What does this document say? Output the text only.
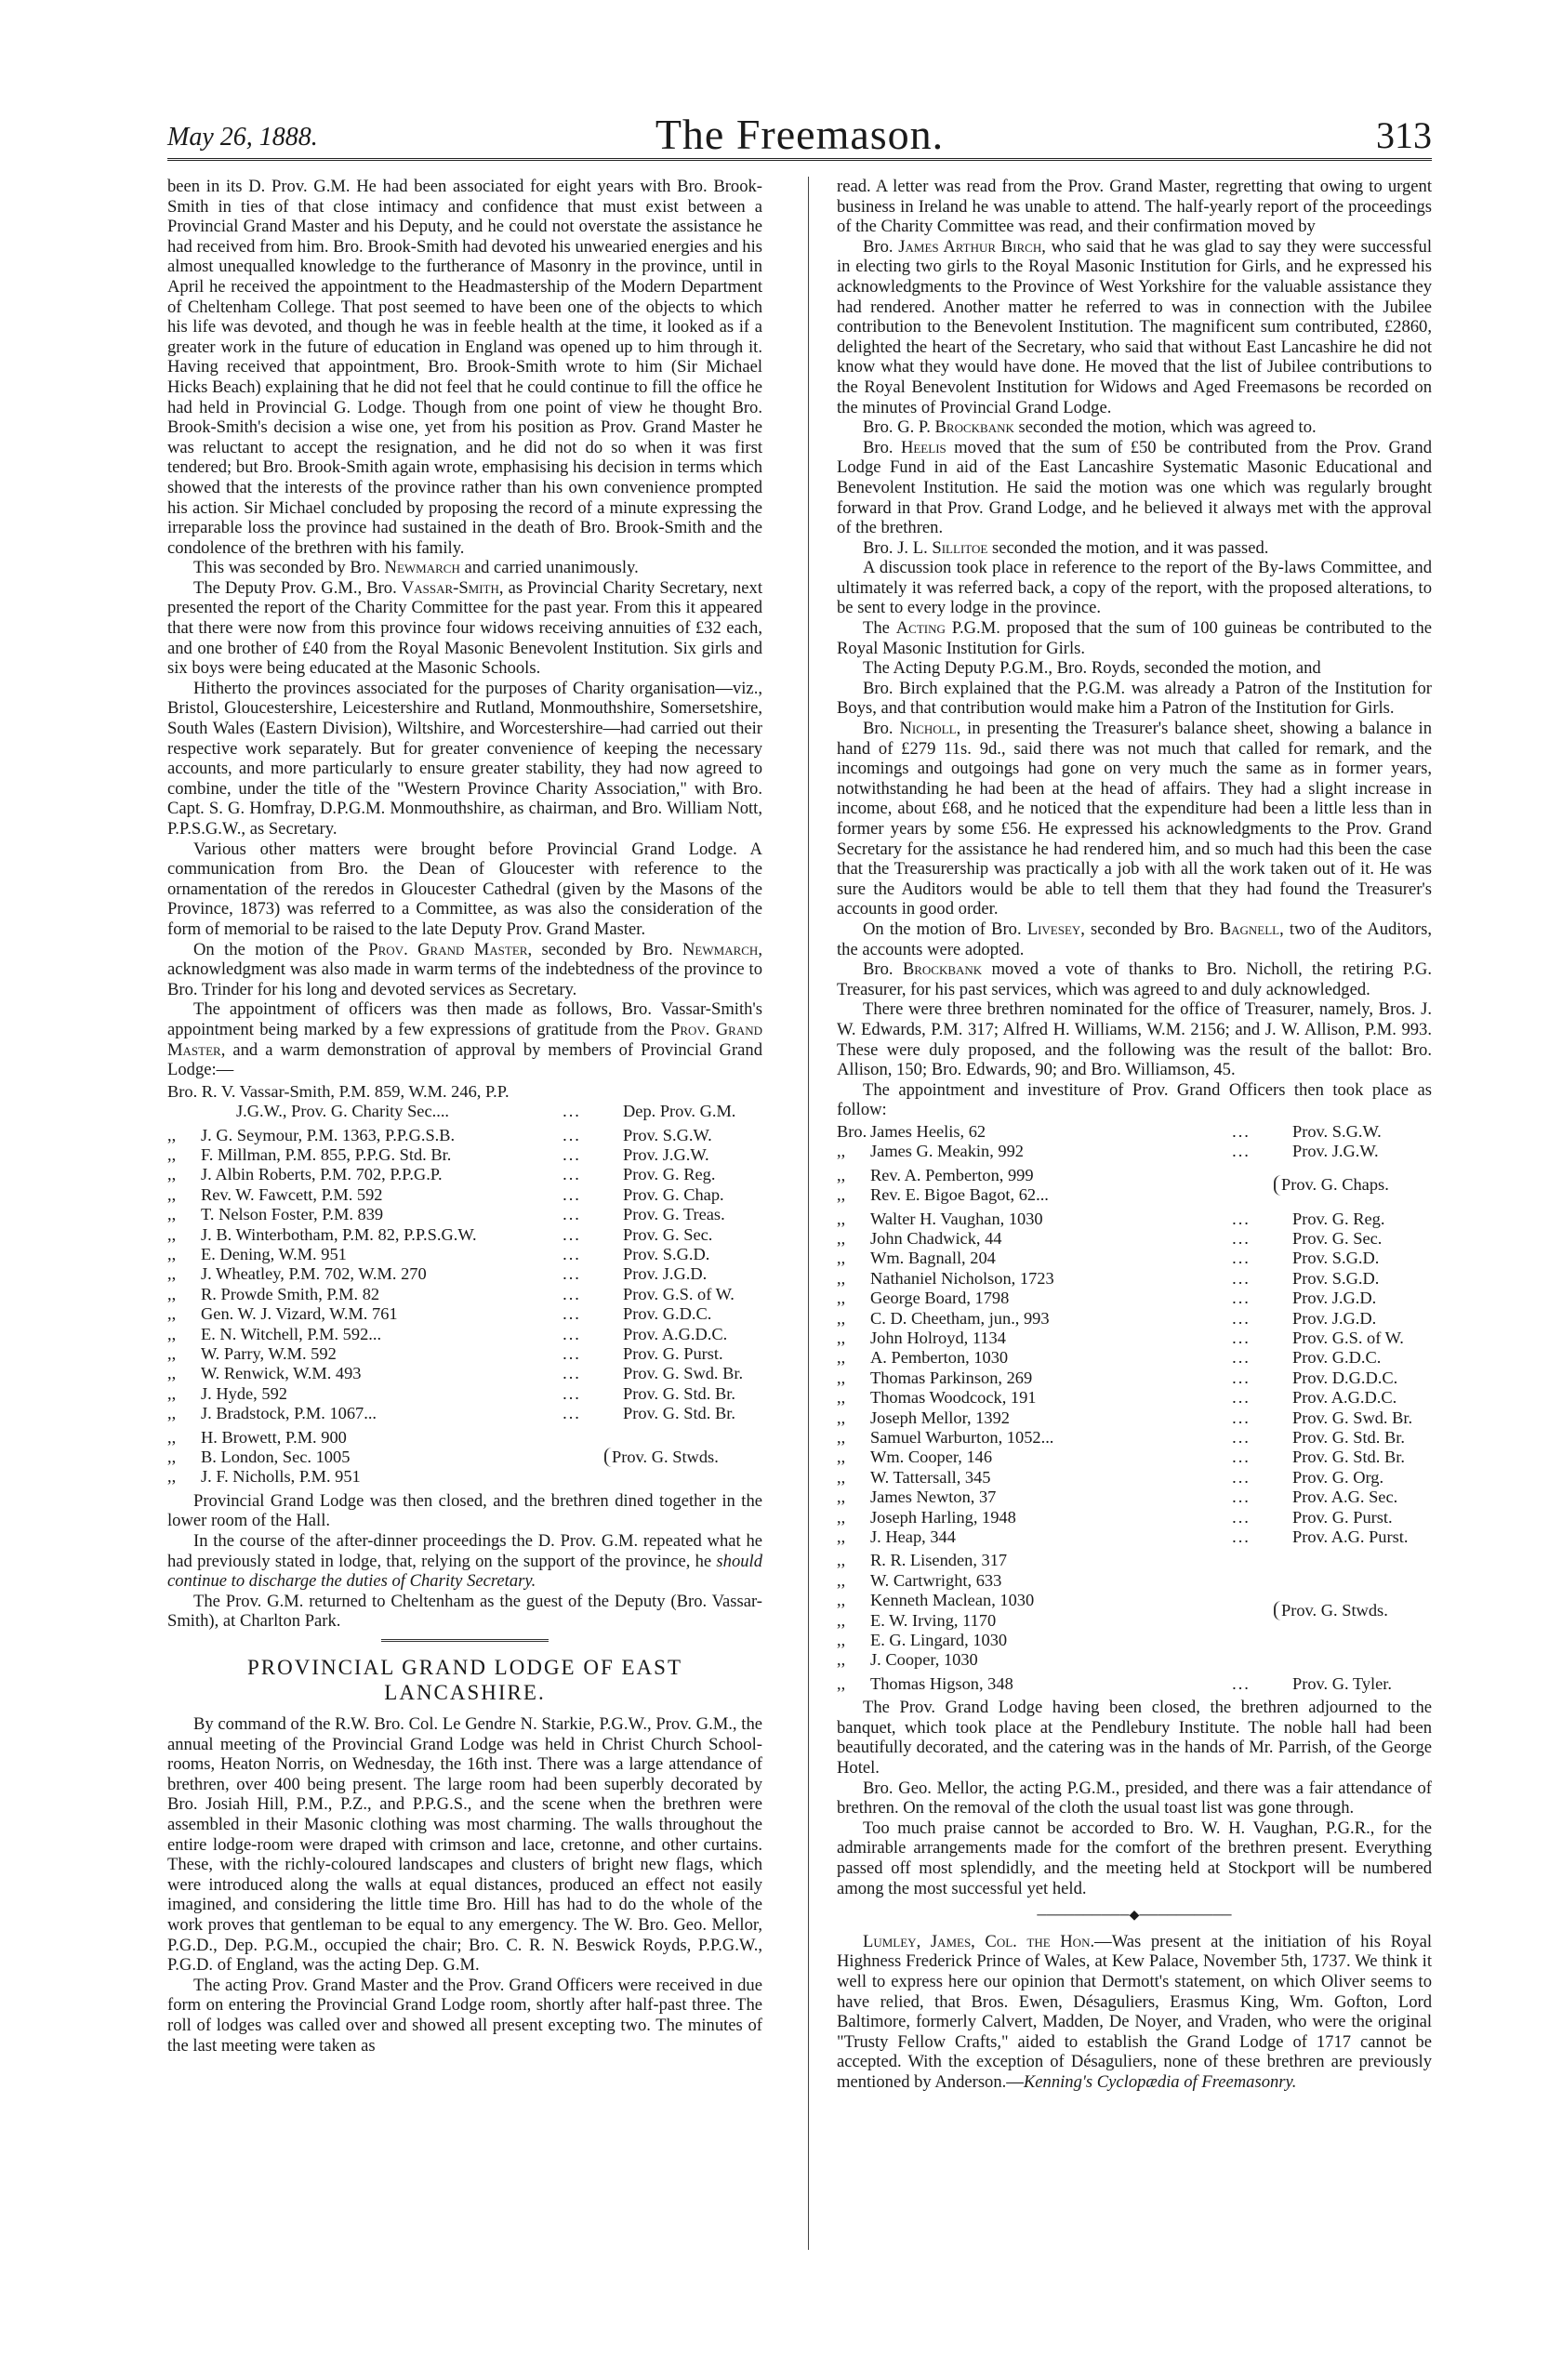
May 26, 1888.	The Freemason.	313

been in its D. Prov. G.M. He had been associated for eight years with Bro. Brook-Smith in ties of that close intimacy and confidence that must exist between a Provincial Grand Master and his Deputy, and he could not overstate the assistance he had received from him. Bro. Brook-Smith had devoted his unwearied energies and his almost unequalled knowledge to the furtherance of Masonry in the province, until in April he received the appointment to the Headmastership of the Modern Department of Cheltenham College. That post seemed to have been one of the objects to which his life was devoted, and though he was in feeble health at the time, it looked as if a greater work in the future of education in England was opened up to him through it. Having received that appointment, Bro. Brook-Smith wrote to him (Sir Michael Hicks Beach) explaining that he did not feel that he could continue to fill the office he had held in Provincial G. Lodge. Though from one point of view he thought Bro. Brook-Smith's decision a wise one, yet from his position as Prov. Grand Master he was reluctant to accept the resignation, and he did not do so when it was first tendered; but Bro. Brook-Smith again wrote, emphasising his decision in terms which showed that the interests of the province rather than his own convenience prompted his action. Sir Michael concluded by proposing the record of a minute expressing the irreparable loss the province had sustained in the death of Bro. Brook-Smith and the condolence of the brethren with his family.

This was seconded by Bro. Newmarch and carried unanimously.

The Deputy Prov. G.M., Bro. Vassar-Smith, as Provincial Charity Secretary, next presented the report of the Charity Committee for the past year. From this it appeared that there were now from this province four widows receiving annuities of £32 each, and one brother of £40 from the Royal Masonic Benevolent Institution. Six girls and six boys were being educated at the Masonic Schools.

Hitherto the provinces associated for the purposes of Charity organisation—viz., Bristol, Gloucestershire, Leicestershire and Rutland, Monmouthshire, Somersetshire, South Wales (Eastern Division), Wiltshire, and Worcestershire—had carried out their respective work separately. But for greater convenience of keeping the necessary accounts, and more particularly to ensure greater stability, they had now agreed to combine, under the title of the "Western Province Charity Association," with Bro. Capt. S. G. Homfray, D.P.G.M. Monmouthshire, as chairman, and Bro. William Nott, P.P.S.G.W., as Secretary.

Various other matters were brought before Provincial Grand Lodge. A communication from Bro. the Dean of Gloucester with reference to the ornamentation of the reredos in Gloucester Cathedral (given by the Masons of the Province, 1873) was referred to a Committee, as was also the consideration of the form of memorial to be raised to the late Deputy Prov. Grand Master.

On the motion of the Prov. Grand Master, seconded by Bro. Newmarch, acknowledgment was also made in warm terms of the indebtedness of the province to Bro. Trinder for his long and devoted services as Secretary.

The appointment of officers was then made as follows, Bro. Vassar-Smith's appointment being marked by a few expressions of gratitude from the Prov. Grand Master, and a warm demonstration of approval by members of Provincial Grand Lodge:—

Bro. R. V. Vassar-Smith, P.M. 859, W.M. 246, P.P.		
J.G.W., Prov. G. Charity Sec....	...	Dep. Prov. G.M.
,,	J. G. Seymour, P.M. 1363, P.P.G.S.B.	...	Prov. S.G.W.
,,	F. Millman, P.M. 855, P.P.G. Std. Br.	...	Prov. J.G.W.
,,	J. Albin Roberts, P.M. 702, P.P.G.P.	...	Prov. G. Reg.
,,	Rev. W. Fawcett, P.M. 592	...	Prov. G. Chap.
,,	T. Nelson Foster, P.M. 839	...	Prov. G. Treas.
,,	J. B. Winterbotham, P.M. 82, P.P.S.G.W.	...	Prov. G. Sec.
,,	E. Dening, W.M. 951	...	Prov. S.G.D.
,,	J. Wheatley, P.M. 702, W.M. 270	...	Prov. J.G.D.
,,	R. Prowde Smith, P.M. 82	...	Prov. G.S. of W.
,,	Gen. W. J. Vizard, W.M. 761	...	Prov. G.D.C.
,,	E. N. Witchell, P.M. 592...	...	Prov. A.G.D.C.
,,	W. Parry, W.M. 592	...	Prov. G. Purst.
,,	W. Renwick, W.M. 493	...	Prov. G. Swd. Br.
,,	J. Hyde, 592	...	Prov. G. Std. Br.
,,	J. Bradstock, P.M. 1067...	...	Prov. G. Std. Br.
,, H. Browett, P.M. 900
,, B. London, Sec. 1005
,, J. F. Nicholls, P.M. 951
	Prov. G. Stwds.

Provincial Grand Lodge was then closed, and the brethren dined together in the lower room of the Hall.

In the course of the after-dinner proceedings the D. Prov. G.M. repeated what he had previously stated in lodge, that, relying on the support of the province, he should continue to discharge the duties of Charity Secretary.

The Prov. G.M. returned to Cheltenham as the guest of the Deputy (Bro. Vassar-Smith), at Charlton Park.

PROVINCIAL GRAND LODGE OF EAST LANCASHIRE.

By command of the R.W. Bro. Col. Le Gendre N. Starkie, P.G.W., Prov. G.M., the annual meeting of the Provincial Grand Lodge was held in Christ Church School-rooms, Heaton Norris, on Wednesday, the 16th inst. There was a large attendance of brethren, over 400 being present. The large room had been superbly decorated by Bro. Josiah Hill, P.M., P.Z., and P.P.G.S., and the scene when the brethren were assembled in their Masonic clothing was most charming. The walls throughout the entire lodge-room were draped with crimson and lace, cretonne, and other curtains. These, with the richly-coloured landscapes and clusters of bright new flags, which were introduced along the walls at equal distances, produced an effect not easily imagined, and considering the little time Bro. Hill has had to do the whole of the work proves that gentleman to be equal to any emergency. The W. Bro. Geo. Mellor, P.G.D., Dep. P.G.M., occupied the chair; Bro. C. R. N. Beswick Royds, P.P.G.W., P.G.D. of England, was the acting Dep. G.M.

The acting Prov. Grand Master and the Prov. Grand Officers were received in due form on entering the Provincial Grand Lodge room, shortly after half-past three. The roll of lodges was called over and showed all present excepting two. The minutes of the last meeting were taken as

read. A letter was read from the Prov. Grand Master, regretting that owing to urgent business in Ireland he was unable to attend. The half-yearly report of the proceedings of the Charity Committee was read, and their confirmation moved by

Bro. James Arthur Birch, who said that he was glad to say they were successful in electing two girls to the Royal Masonic Institution for Girls, and he expressed his acknowledgments to the Province of West Yorkshire for the valuable assistance they had rendered. Another matter he referred to was in connection with the Jubilee contribution to the Benevolent Institution. The magnificent sum contributed, £2860, delighted the heart of the Secretary, who said that without East Lancashire he did not know what they would have done. He moved that the list of Jubilee contributions to the Royal Benevolent Institution for Widows and Aged Freemasons be recorded on the minutes of Provincial Grand Lodge.

Bro. G. P. Brockbank seconded the motion, which was agreed to.

Bro. Heelis moved that the sum of £50 be contributed from the Prov. Grand Lodge Fund in aid of the East Lancashire Systematic Masonic Educational and Benevolent Institution. He said the motion was one which was regularly brought forward in that Prov. Grand Lodge, and he believed it always met with the approval of the brethren.

Bro. J. L. Sillitoe seconded the motion, and it was passed.

A discussion took place in reference to the report of the By-laws Committee, and ultimately it was referred back, a copy of the report, with the proposed alterations, to be sent to every lodge in the province.

The Acting P.G.M. proposed that the sum of 100 guineas be contributed to the Royal Masonic Institution for Girls.

The Acting Deputy P.G.M., Bro. Royds, seconded the motion, and

Bro. Birch explained that the P.G.M. was already a Patron of the Institution for Boys, and that contribution would make him a Patron of the Institution for Girls.

Bro. Nicholl, in presenting the Treasurer's balance sheet, showing a balance in hand of £279 11s. 9d., said there was not much that called for remark, and the incomings and outgoings had gone on very much the same as in former years, notwithstanding he had been at the head of affairs. They had a slight increase in income, about £68, and he noticed that the expenditure had been a little less than in former years by some £56. He expressed his acknowledgments to the Prov. Grand Secretary for the assistance he had rendered him, and so much had this been the case that the Treasurership was practically a job with all the work taken out of it. He was sure the Auditors would be able to tell them that they had found the Treasurer's accounts in good order.

On the motion of Bro. Livesey, seconded by Bro. Bagnell, two of the Auditors, the accounts were adopted.

Bro. Brockbank moved a vote of thanks to Bro. Nicholl, the retiring P.G. Treasurer, for his past services, which was agreed to and duly acknowledged.

There were three brethren nominated for the office of Treasurer, namely, Bros. J. W. Edwards, P.M. 317; Alfred H. Williams, W.M. 2156; and J. W. Allison, P.M. 993. These were duly proposed, and the following was the result of the ballot: Bro. Allison, 150; Bro. Edwards, 90; and Bro. Williamson, 45.

The appointment and investiture of Prov. Grand Officers then took place as follow:

Bro.	James Heelis, 62	...	Prov. S.G.W.
,,	James G. Meakin, 992	...	Prov. J.G.W.
,, Rev. A. Pemberton, 999
,, Rev. E. Bigoe Bagot, 62...
	Prov. G. Chaps.
,,	Walter H. Vaughan, 1030	...	Prov. G. Reg.
,,	John Chadwick, 44	...	Prov. G. Sec.
,,	Wm. Bagnall, 204	...	Prov. S.G.D.
,,	Nathaniel Nicholson, 1723	...	Prov. S.G.D.
,,	George Board, 1798	...	Prov. J.G.D.
,,	C. D. Cheetham, jun., 993	...	Prov. J.G.D.
,,	John Holroyd, 1134	...	Prov. G.S. of W.
,,	A. Pemberton, 1030	...	Prov. G.D.C.
,,	Thomas Parkinson, 269	...	Prov. D.G.D.C.
,,	Thomas Woodcock, 191	...	Prov. A.G.D.C.
,,	Joseph Mellor, 1392	...	Prov. G. Swd. Br.
,,	Samuel Warburton, 1052...	...	Prov. G. Std. Br.
,,	Wm. Cooper, 146	...	Prov. G. Std. Br.
,,	W. Tattersall, 345	...	Prov. G. Org.
,,	James Newton, 37	...	Prov. A.G. Sec.
,,	Joseph Harling, 1948	...	Prov. G. Purst.
,,	J. Heap, 344	...	Prov. A.G. Purst.
,, R. R. Lisenden, 317
,, W. Cartwright, 633
,, Kenneth Maclean, 1030
,, E. W. Irving, 1170
,, E. G. Lingard, 1030
,, J. Cooper, 1030
	Prov. G. Stwds.
,,	Thomas Higson, 348	...	Prov. G. Tyler.

The Prov. Grand Lodge having been closed, the brethren adjourned to the banquet, which took place at the Pendlebury Institute. The noble hall had been beautifully decorated, and the catering was in the hands of Mr. Parrish, of the George Hotel.

Bro. Geo. Mellor, the acting P.G.M., presided, and there was a fair attendance of brethren. On the removal of the cloth the usual toast list was gone through.

Too much praise cannot be accorded to Bro. W. H. Vaughan, P.G.R., for the admirable arrangements made for the comfort of the brethren present. Everything passed off most splendidly, and the meeting held at Stockport will be numbered among the most successful yet held.

──────────◆──────────

Lumley, James, Col. the Hon.—Was present at the initiation of his Royal Highness Frederick Prince of Wales, at Kew Palace, November 5th, 1737. We think it well to express here our opinion that Dermott's statement, on which Oliver seems to have relied, that Bros. Ewen, Désaguliers, Erasmus King, Wm. Gofton, Lord Baltimore, formerly Calvert, Madden, De Noyer, and Vraden, who were the original "Trusty Fellow Crafts," aided to establish the Grand Lodge of 1717 cannot be accepted. With the exception of Désaguliers, none of these brethren are previously mentioned by Anderson.—Kenning's Cyclopædia of Freemasonry.
